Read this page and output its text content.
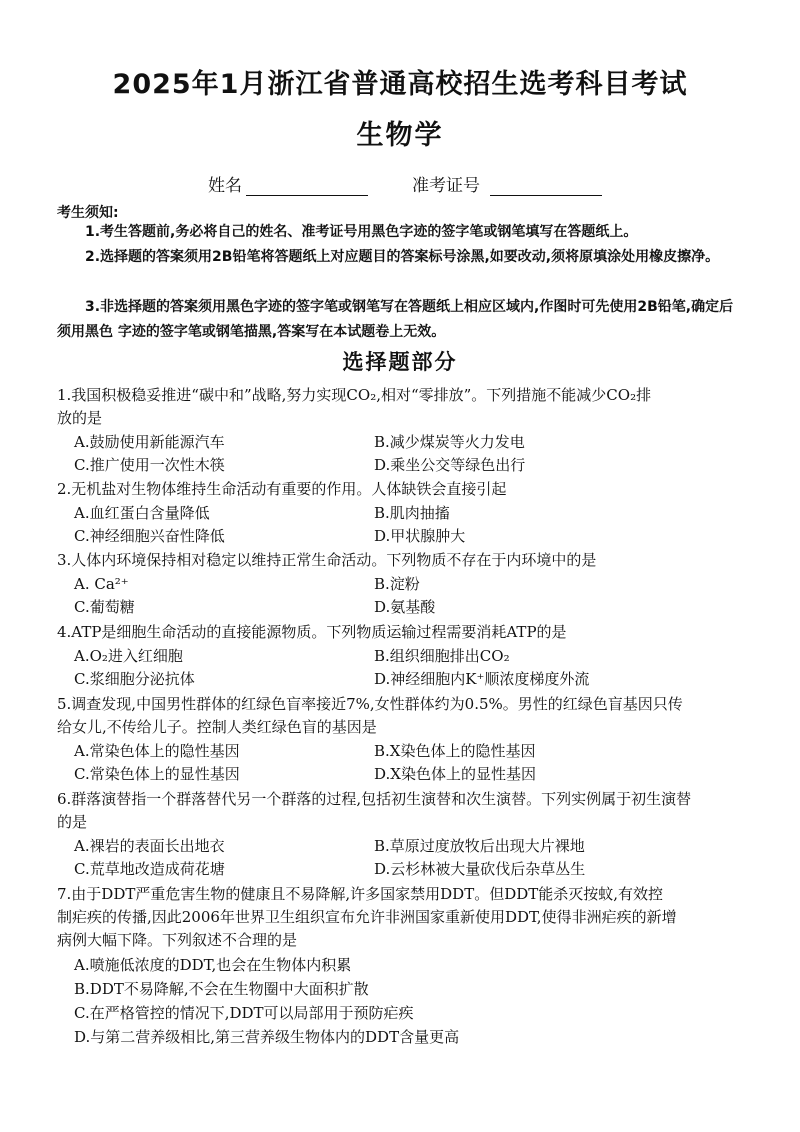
2025年1月浙江省普通高校招生选考科目考试
生物学
姓名	准考证号
考生须知:

1.考生答题前,务必将自己的姓名、准考证号用黑色字迹的签字笔或钢笔填写在答题纸上。

2.选择题的答案须用2B铅笔将答题纸上对应题目的答案标号涂黑,如要改动,须将原填涂处用橡皮擦净。

3.非选择题的答案须用黑色字迹的签字笔或钢笔写在答题纸上相应区域内,作图时可先使用2B铅笔,确定后须用黑色 字迹的签字笔或钢笔描黑,答案写在本试题卷上无效。

选择题部分
1.我国积极稳妥推进“碳中和”战略,努力实现CO₂,相对“零排放”。下列措施不能减少CO₂排
放的是
A.鼓励使用新能源汽车	B.减少煤炭等火力发电
C.推广使用一次性木筷	D.乘坐公交等绿色出行
2.无机盐对生物体维持生命活动有重要的作用。人体缺铁会直接引起
A.血红蛋白含量降低	B.肌肉抽搐
C.神经细胞兴奋性降低	D.甲状腺肿大
3.人体内环境保持相对稳定以维持正常生命活动。下列物质不存在于内环境中的是
A. Ca²⁺	B.淀粉
C.葡萄糖	D.氨基酸
4.ATP是细胞生命活动的直接能源物质。下列物质运输过程需要消耗ATP的是
A.O₂进入红细胞	B.组织细胞排出CO₂
C.浆细胞分泌抗体	D.神经细胞内K⁺顺浓度梯度外流
5.调查发现,中国男性群体的红绿色盲率接近7%,女性群体约为0.5%。男性的红绿色盲基因只传
给女儿,不传给儿子。控制人类红绿色盲的基因是
A.常染色体上的隐性基因	B.X染色体上的隐性基因
C.常染色体上的显性基因	D.X染色体上的显性基因
6.群落演替指一个群落替代另一个群落的过程,包括初生演替和次生演替。下列实例属于初生演替
的是
A.裸岩的表面长出地衣	B.草原过度放牧后出现大片裸地
C.荒草地改造成荷花塘	D.云杉林被大量砍伐后杂草丛生
7.由于DDT严重危害生物的健康且不易降解,许多国家禁用DDT。但DDT能杀灭按蚊,有效控
制疟疾的传播,因此2006年世界卫生组织宣布允许非洲国家重新使用DDT,使得非洲疟疾的新增
病例大幅下降。下列叙述不合理的是
A.喷施低浓度的DDT,也会在生物体内积累
B.DDT不易降解,不会在生物圈中大面积扩散
C.在严格管控的情况下,DDT可以局部用于预防疟疾
D.与第二营养级相比,第三营养级生物体内的DDT含量更高
